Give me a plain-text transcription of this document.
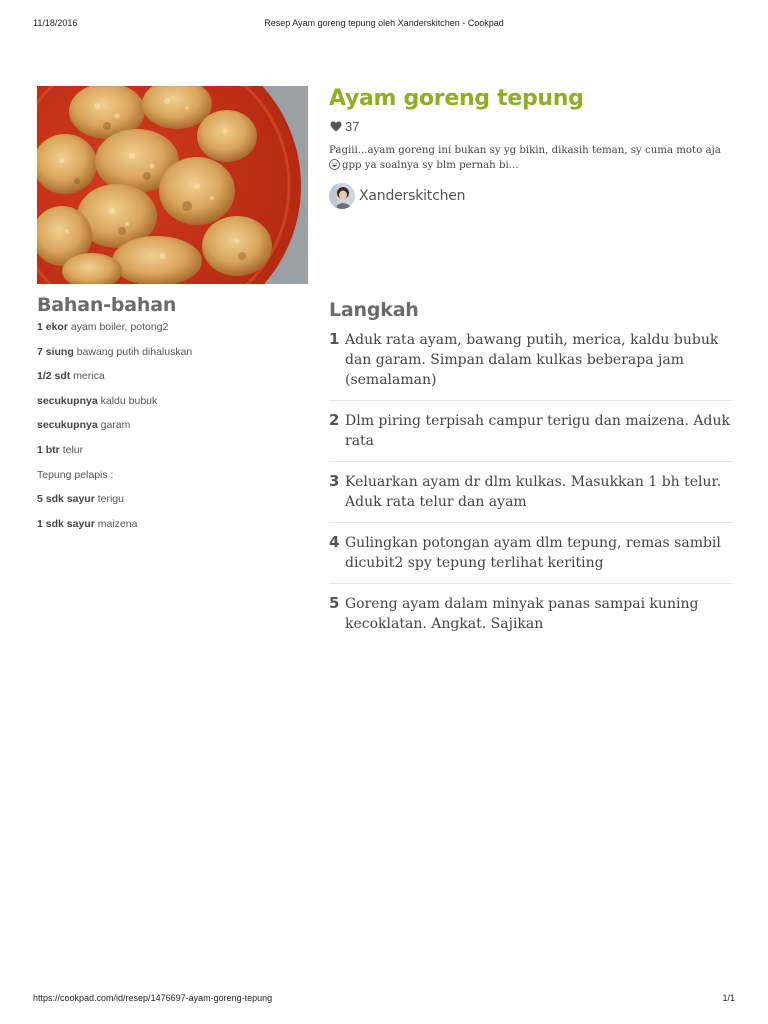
11/18/2016	Resep Ayam goreng tepung oleh Xanderskitchen - Cookpad
Bahan-bahan
1 ekor ayam boiler, potong2
7 siung bawang putih dihaluskan
1/2 sdt merica
secukupnya kaldu bubuk
secukupnya garam
1 btr telur
Tepung pelapis :
5 sdk sayur terigu
1 sdk sayur maizena
Ayam goreng tepung
37
Pagiii...ayam goreng ini bukan sy yg bikin, dikasih teman, sy cuma moto aja
gpp ya soalnya sy blm pernah bi...
Xanderskitchen
Langkah
1 Aduk rata ayam, bawang putih, merica, kaldu bubuk dan garam. Simpan dalam kulkas beberapa jam (semalaman)
2 Dlm piring terpisah campur terigu dan maizena. Aduk rata
3 Keluarkan ayam dr dlm kulkas. Masukkan 1 bh telur. Aduk rata telur dan ayam
4 Gulingkan potongan ayam dlm tepung, remas sambil dicubit2 spy tepung terlihat keriting
5 Goreng ayam dalam minyak panas sampai kuning kecoklatan. Angkat. Sajikan
https://cookpad.com/id/resep/1476697-ayam-goreng-tepung	1/1
